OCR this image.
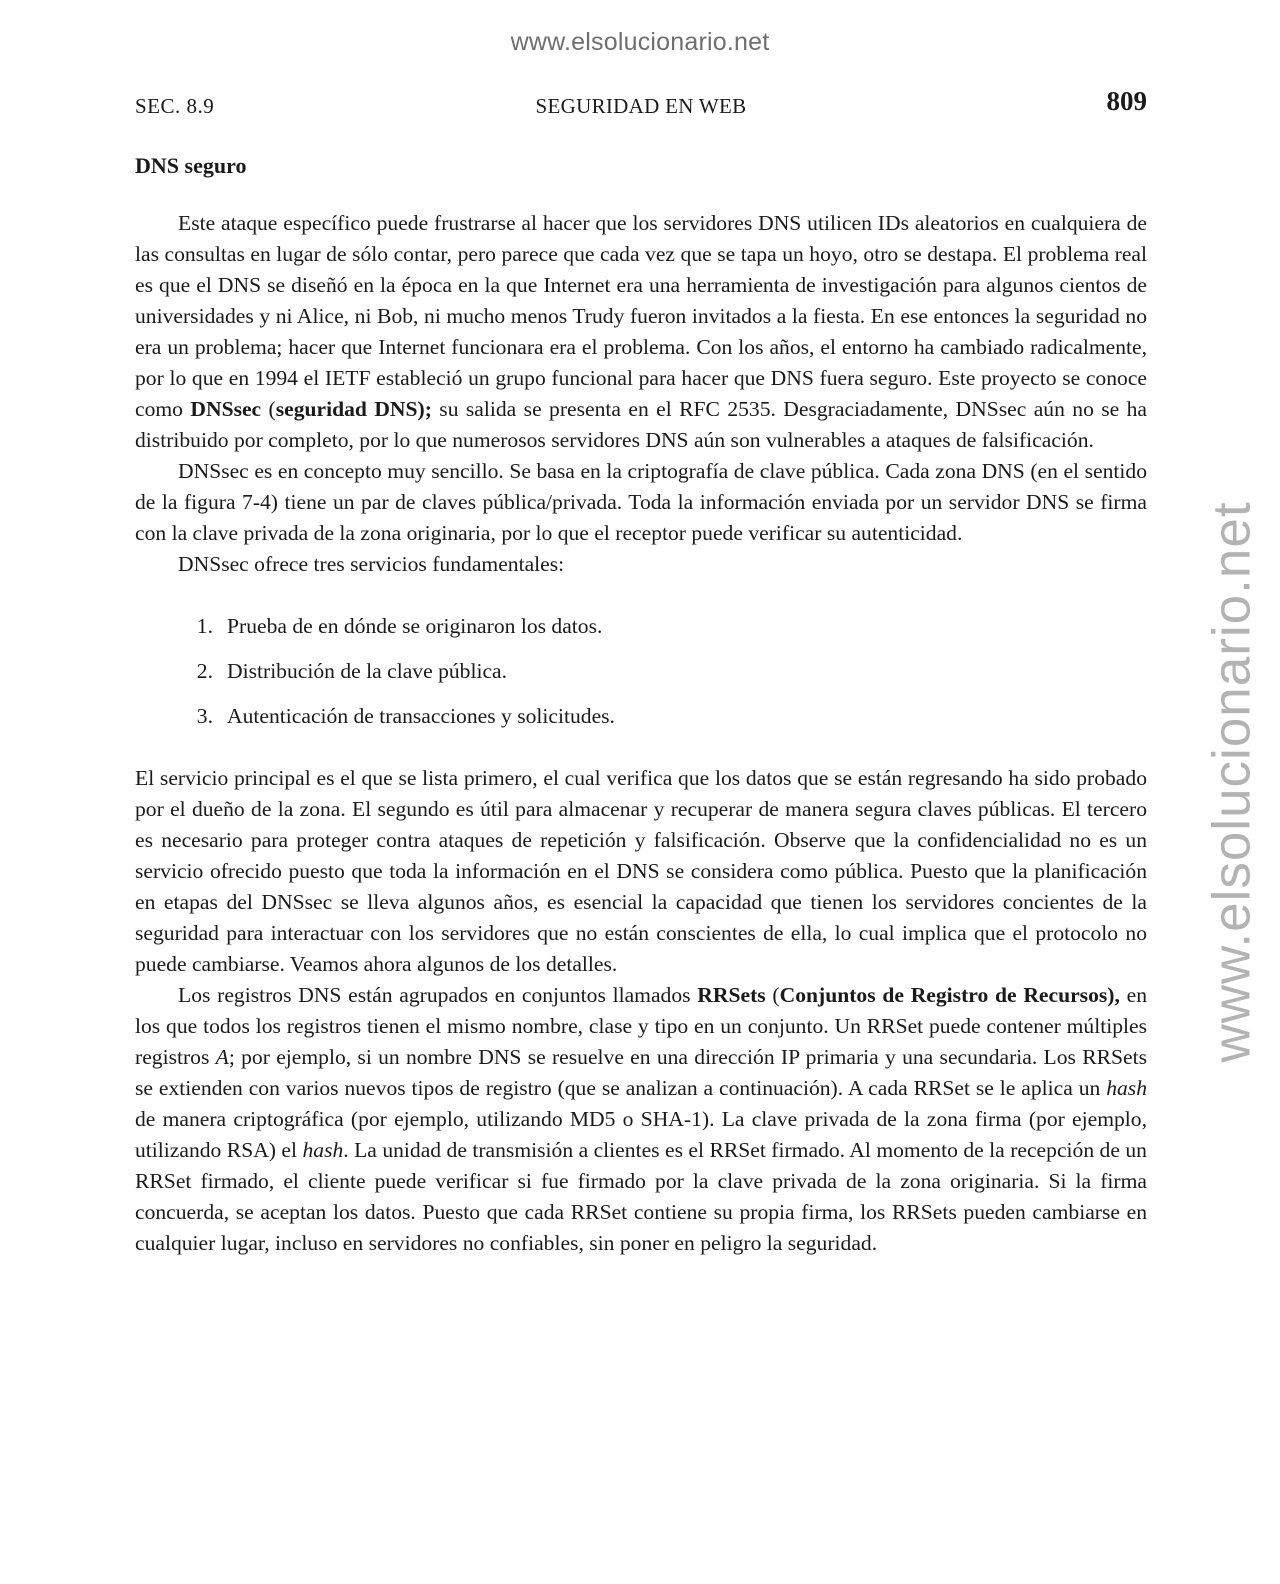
www.elsolucionario.net
www.elsolucionario.net
SEC. 8.9	SEGURIDAD EN WEB	809
DNS seguro

Este ataque específico puede frustrarse al hacer que los servidores DNS utilicen IDs aleatorios en cualquiera de las consultas en lugar de sólo contar, pero parece que cada vez que se tapa un hoyo, otro se destapa. El problema real es que el DNS se diseñó en la época en la que Internet era una herramienta de investigación para algunos cientos de universidades y ni Alice, ni Bob, ni mucho menos Trudy fueron invitados a la fiesta. En ese entonces la seguridad no era un problema; hacer que Internet funcionara era el problema. Con los años, el entorno ha cambiado radicalmente, por lo que en 1994 el IETF estableció un grupo funcional para hacer que DNS fuera seguro. Este proyecto se conoce como DNSsec (seguridad DNS); su salida se presenta en el RFC 2535. Desgraciadamente, DNSsec aún no se ha distribuido por completo, por lo que numerosos servidores DNS aún son vulnerables a ataques de falsificación.

DNSsec es en concepto muy sencillo. Se basa en la criptografía de clave pública. Cada zona DNS (en el sentido de la figura 7-4) tiene un par de claves pública/privada. Toda la información enviada por un servidor DNS se firma con la clave privada de la zona originaria, por lo que el receptor puede verificar su autenticidad.

DNSsec ofrece tres servicios fundamentales:

1. Prueba de en dónde se originaron los datos.
2. Distribución de la clave pública.
3. Autenticación de transacciones y solicitudes.

El servicio principal es el que se lista primero, el cual verifica que los datos que se están regresando ha sido probado por el dueño de la zona. El segundo es útil para almacenar y recuperar de manera segura claves públicas. El tercero es necesario para proteger contra ataques de repetición y falsificación. Observe que la confidencialidad no es un servicio ofrecido puesto que toda la información en el DNS se considera como pública. Puesto que la planificación en etapas del DNSsec se lleva algunos años, es esencial la capacidad que tienen los servidores concientes de la seguridad para interactuar con los servidores que no están conscientes de ella, lo cual implica que el protocolo no puede cambiarse. Veamos ahora algunos de los detalles.

Los registros DNS están agrupados en conjuntos llamados RRSets (Conjuntos de Registro de Recursos), en los que todos los registros tienen el mismo nombre, clase y tipo en un conjunto. Un RRSet puede contener múltiples registros A; por ejemplo, si un nombre DNS se resuelve en una dirección IP primaria y una secundaria. Los RRSets se extienden con varios nuevos tipos de registro (que se analizan a continuación). A cada RRSet se le aplica un hash de manera criptográfica (por ejemplo, utilizando MD5 o SHA-1). La clave privada de la zona firma (por ejemplo, utilizando RSA) el hash. La unidad de transmisión a clientes es el RRSet firmado. Al momento de la recepción de un RRSet firmado, el cliente puede verificar si fue firmado por la clave privada de la zona originaria. Si la firma concuerda, se aceptan los datos. Puesto que cada RRSet contiene su propia firma, los RRSets pueden cambiarse en cualquier lugar, incluso en servidores no confiables, sin poner en peligro la seguridad.
